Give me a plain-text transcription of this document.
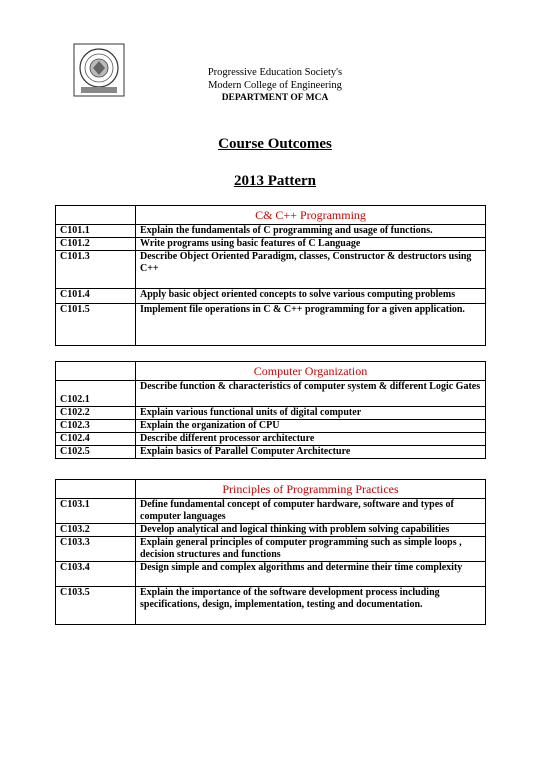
Progressive Education Society's
Modern College of Engineering
DEPARTMENT OF MCA
Course Outcomes
2013 Pattern
	C& C++ Programming
C101.1	Explain the fundamentals of C programming and usage of functions.
C101.2	Write programs using basic features of C Language
C101.3	Describe Object Oriented Paradigm, classes, Constructor & destructors using C++
C101.4	Apply basic object oriented concepts to solve various computing problems
C101.5	Implement file operations in C & C++ programming for a given application.
	Computer Organization
C102.1	Describe function & characteristics of computer system & different Logic Gates
C102.2	Explain various functional units of digital computer
C102.3	Explain the organization of CPU
C102.4	Describe different processor architecture
C102.5	Explain basics of Parallel Computer Architecture
	Principles of Programming Practices
C103.1	Define fundamental concept of computer hardware, software and types of computer languages
C103.2	Develop analytical and logical thinking with problem solving capabilities
C103.3	Explain general principles of computer programming such as simple loops , decision structures and functions
C103.4	Design simple and complex algorithms and determine their time complexity
C103.5	Explain the importance of the software development process including specifications, design, implementation, testing and documentation.
